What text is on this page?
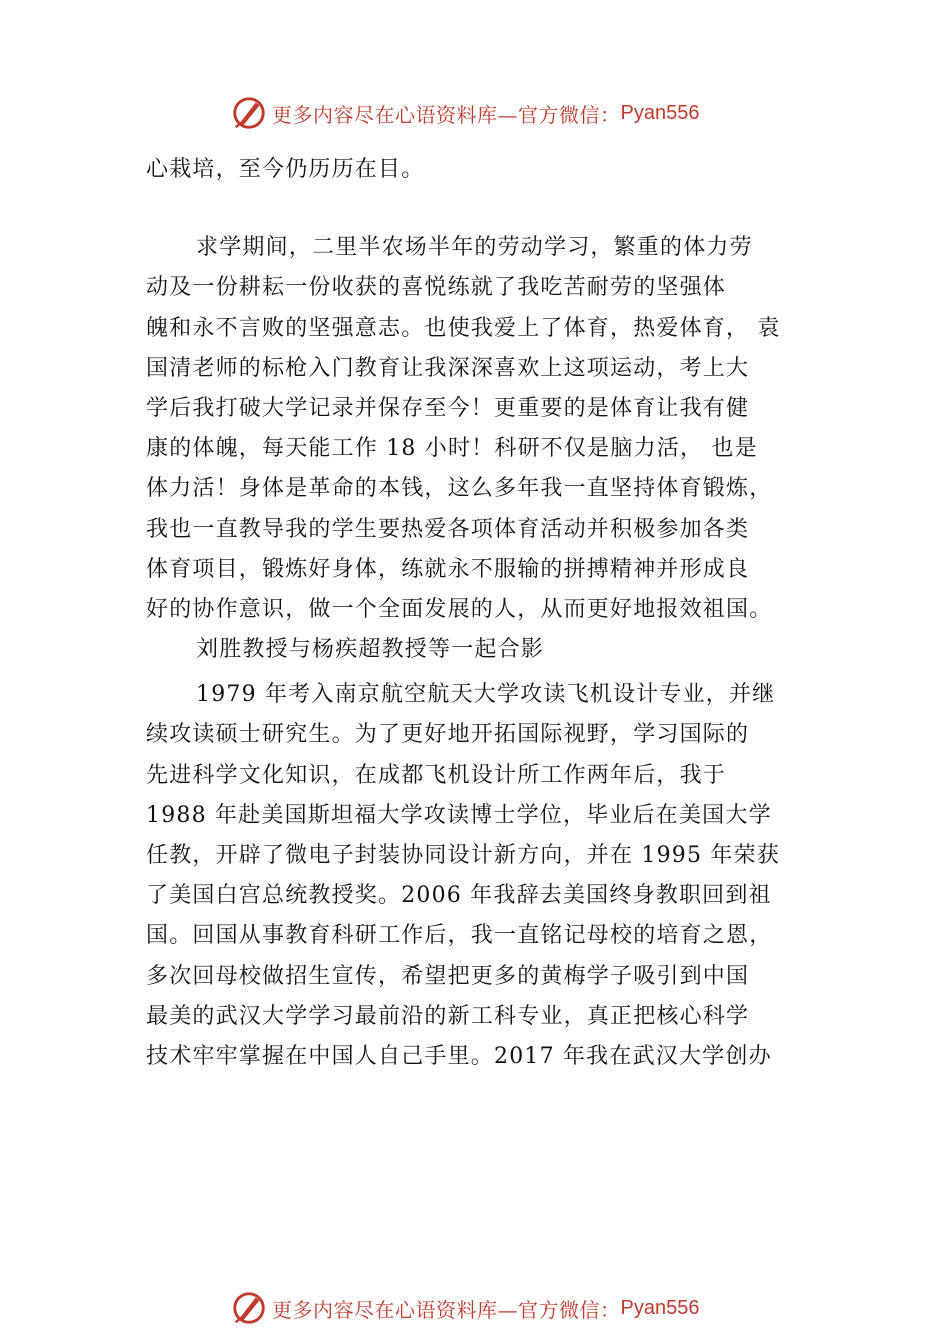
更多内容尽在心语资料库—官方微信： Pyan556
心栽培，至今仍历历在目。
求学期间，二里半农场半年的劳动学习，繁重的体力劳
动及一份耕耘一份收获的喜悦练就了我吃苦耐劳的坚强体
魄和永不言败的坚强意志。也使我爱上了体育，热爱体育， 袁
国清老师的标枪入门教育让我深深喜欢上这项运动，考上大
学后我打破大学记录并保存至今！更重要的是体育让我有健
康的体魄，每天能工作 18 小时！科研不仅是脑力活， 也是
体力活！身体是革命的本钱，这么多年我一直坚持体育锻炼，
我也一直教导我的学生要热爱各项体育活动并积极参加各类
体育项目，锻炼好身体，练就永不服输的拼搏精神并形成良
好的协作意识，做一个全面发展的人，从而更好地报效祖国。
刘胜教授与杨疾超教授等一起合影
1979 年考入南京航空航天大学攻读飞机设计专业，并继
续攻读硕士研究生。为了更好地开拓国际视野，学习国际的
先进科学文化知识，在成都飞机设计所工作两年后，我于
1988 年赴美国斯坦福大学攻读博士学位，毕业后在美国大学
任教，开辟了微电子封装协同设计新方向，并在 1995 年荣获
了美国白宫总统教授奖。2006 年我辞去美国终身教职回到祖
国。回国从事教育科研工作后，我一直铭记母校的培育之恩，
多次回母校做招生宣传，希望把更多的黄梅学子吸引到中国
最美的武汉大学学习最前沿的新工科专业，真正把核心科学
技术牢牢掌握在中国人自己手里。2017 年我在武汉大学创办
更多内容尽在心语资料库—官方微信： Pyan556
